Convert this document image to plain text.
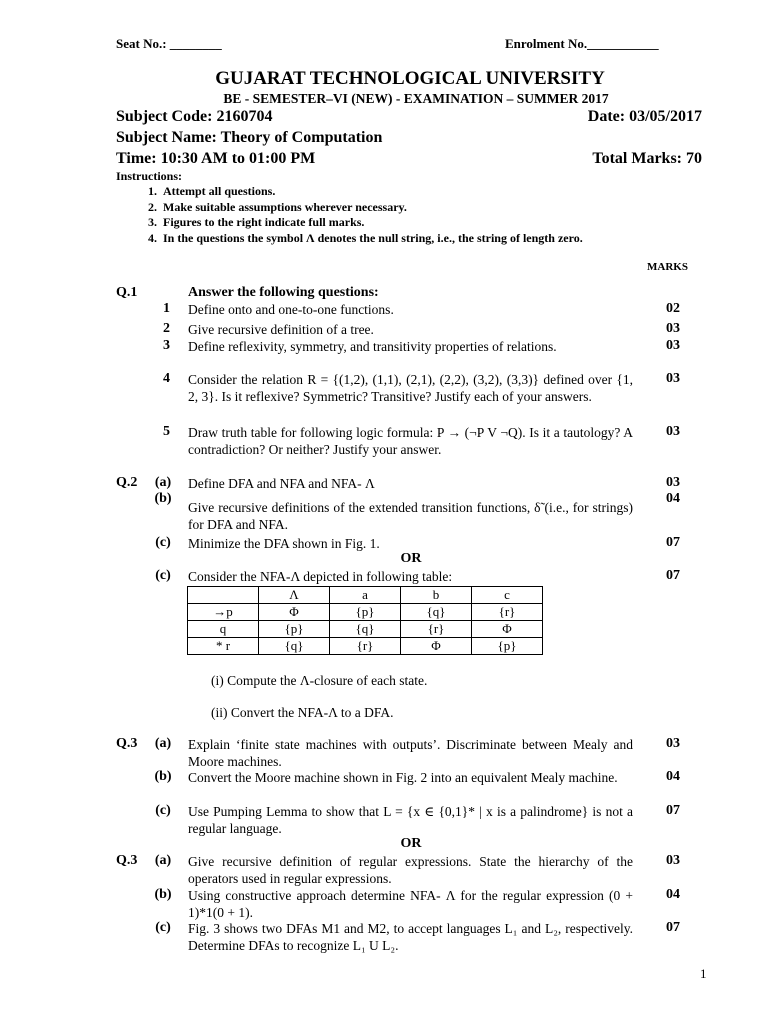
Seat No.: ________	Enrolment No.___________
GUJARAT TECHNOLOGICAL UNIVERSITY
BE - SEMESTER–VI (NEW) - EXAMINATION – SUMMER 2017
Subject Code: 2160704	Date: 03/05/2017
Subject Name: Theory of Computation
Time: 10:30 AM to 01:00 PM	Total Marks: 70
Instructions:
1. Attempt all questions.
2. Make suitable assumptions wherever necessary.
3. Figures to the right indicate full marks.
4. In the questions the symbol Λ denotes the null string, i.e., the string of length zero.
MARKS
Q.1	Answer the following questions:
1 Define onto and one-to-one functions.	02
2 Give recursive definition of a tree.	03
3 Define reflexivity, symmetry, and transitivity properties of relations.	03
4 Consider the relation R = {(1,2), (1,1), (2,1), (2,2), (3,2), (3,3)} defined over {1, 2, 3}. Is it reflexive? Symmetric? Transitive? Justify each of your answers.
03
5 Draw truth table for following logic formula: P → (¬P V ¬Q). Is it a tautology? A contradiction? Or neither? Justify your answer.
03
Q.2 (a) Define DFA and NFA and NFA- Λ	03
(b)
Give recursive definitions of the extended transition functions, δ̃ (i.e., for strings) for DFA and NFA.
04
(c) Minimize the DFA shown in Fig. 1.	07
OR
(c) Consider the NFA-Λ depicted in following table:	07
	Λ	a	b	c
→p	Φ	{p}	{q}	{r}
q	{p}	{q}	{r}	Φ
* r	{q}	{r}	Φ	{p}
(i) Compute the Λ-closure of each state.
(ii) Convert the NFA-Λ to a DFA.
Q.3 (a) Explain ‘finite state machines with outputs’. Discriminate between Mealy and Moore machines.
03
(b) Convert the Moore machine shown in Fig. 2 into an equivalent Mealy machine.	04
(c) Use Pumping Lemma to show that L = {x ∈ {0,1}* | x is a palindrome} is not a regular language.
07
OR
Q.3 (a) Give recursive definition of regular expressions. State the hierarchy of the operators used in regular expressions.
03
(b) Using constructive approach determine NFA- Λ for the regular expression (0 + 1)*1(0 + 1).
04
(c) Fig. 3 shows two DFAs M1 and M2, to accept languages L₁ and L₂, respectively. Determine DFAs to recognize L₁ U L₂.
07
1
